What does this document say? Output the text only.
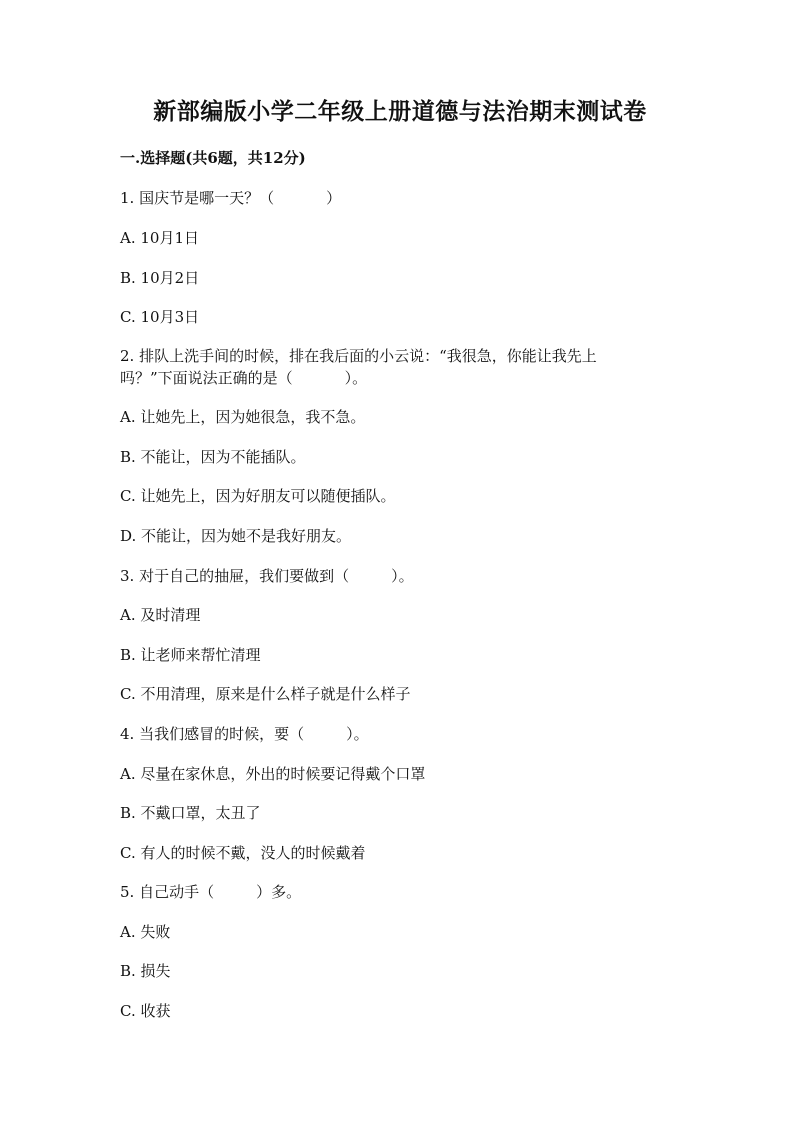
新部编版小学二年级上册道德与法治期末测试卷
一.选择题(共6题，共12分)
1. 国庆节是哪一天？（	）
A. 10月1日
B. 10月2日
C. 10月3日
2. 排队上洗手间的时候，排在我后面的小云说：“我很急，你能让我先上
吗？”下面说法正确的是（	）。
A. 让她先上，因为她很急，我不急。
B. 不能让，因为不能插队。
C. 让她先上，因为好朋友可以随便插队。
D. 不能让，因为她不是我好朋友。
3. 对于自己的抽屉，我们要做到（	）。
A. 及时清理
B. 让老师来帮忙清理
C. 不用清理，原来是什么样子就是什么样子
4. 当我们感冒的时候，要（	）。
A. 尽量在家休息，外出的时候要记得戴个口罩
B. 不戴口罩，太丑了
C. 有人的时候不戴，没人的时候戴着
5. 自己动手（	）多。
A. 失败
B. 损失
C. 收获
